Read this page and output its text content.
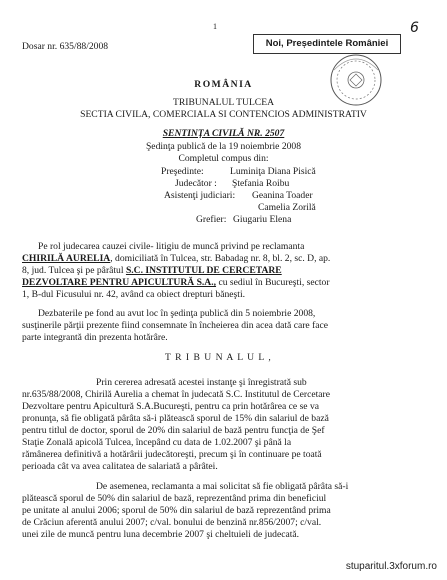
Dosar nr. 635/88/2008	Noi, Președintele României
6
1
ROMÂNIA
TRIBUNALUL TULCEA
SECTIA CIVILA, COMERCIALA SI CONTENCIOS ADMINISTRATIV
SENTINŢA CIVILĂ NR. 2507
Şedinţa publică de la 19 noiembrie 2008
Completul compus din:
Preşedinte:	Luminiţa Diana Pisică
Judecător : Ştefania Roibu
Asistenţi judiciari: Geanina Toader
Camelia Zorilă
Grefier: Giugariu Elena
Pe rol judecarea cauzei civile- litigiu de muncă privind pe reclamanta
CHIRILĂ AURELIA, domiciliată în Tulcea, str. Babadag nr. 8, bl. 2, sc. D, ap.
8, jud. Tulcea şi pe pârâtul S.C. INSTITUTUL DE CERCETARE
DEZVOLTARE PENTRU APICULTURĂ S.A., cu sediul în Bucureşti, sector
1, B-dul Ficusului nr. 42, având ca obiect drepturi băneşti.
Dezbaterile pe fond au avut loc în şedinţa publică din 5 noiembrie 2008,
susţinerile părţii prezente fiind consemnate în încheierea din acea dată care face
parte integrantă din prezenta hotărâre.
T R I B U N A L U L ,
Prin cererea adresată acestei instanţe şi înregistrată sub
nr.635/88/2008, Chirilă Aurelia a chemat în judecată S.C. Institutul de Cercetare
Dezvoltare pentru Apicultură S.A.Bucureşti, pentru ca prin hotărârea ce se va
pronunţa, să fie obligată pârâta să-i plătească sporul de 15% din salariul de bază
pentru titlul de doctor, sporul de 20% din salariul de bază pentru funcţia de Şef
Staţie Zonală apicolă Tulcea, începând cu data de 1.02.2007 şi până la
rămânerea definitivă a hotărârii judecătoreşti, precum şi în continuare pe toată
perioada cât va avea calitatea de salariată a pârâtei.
De asemenea, reclamanta a mai solicitat să fie obligată pârâta să-i
plătească sporul de 50% din salariul de bază, reprezentând prima din beneficiul
pe unitate al anului 2006; sporul de 50% din salariul de bază reprezentând prima
de Crăciun aferentă anului 2007; c/val. bonului de benzină nr.856/2007; c/val.
unei zile de muncă pentru luna decembrie 2007 şi cheltuieli de judecată.
stupar​itul.3xforum.ro
